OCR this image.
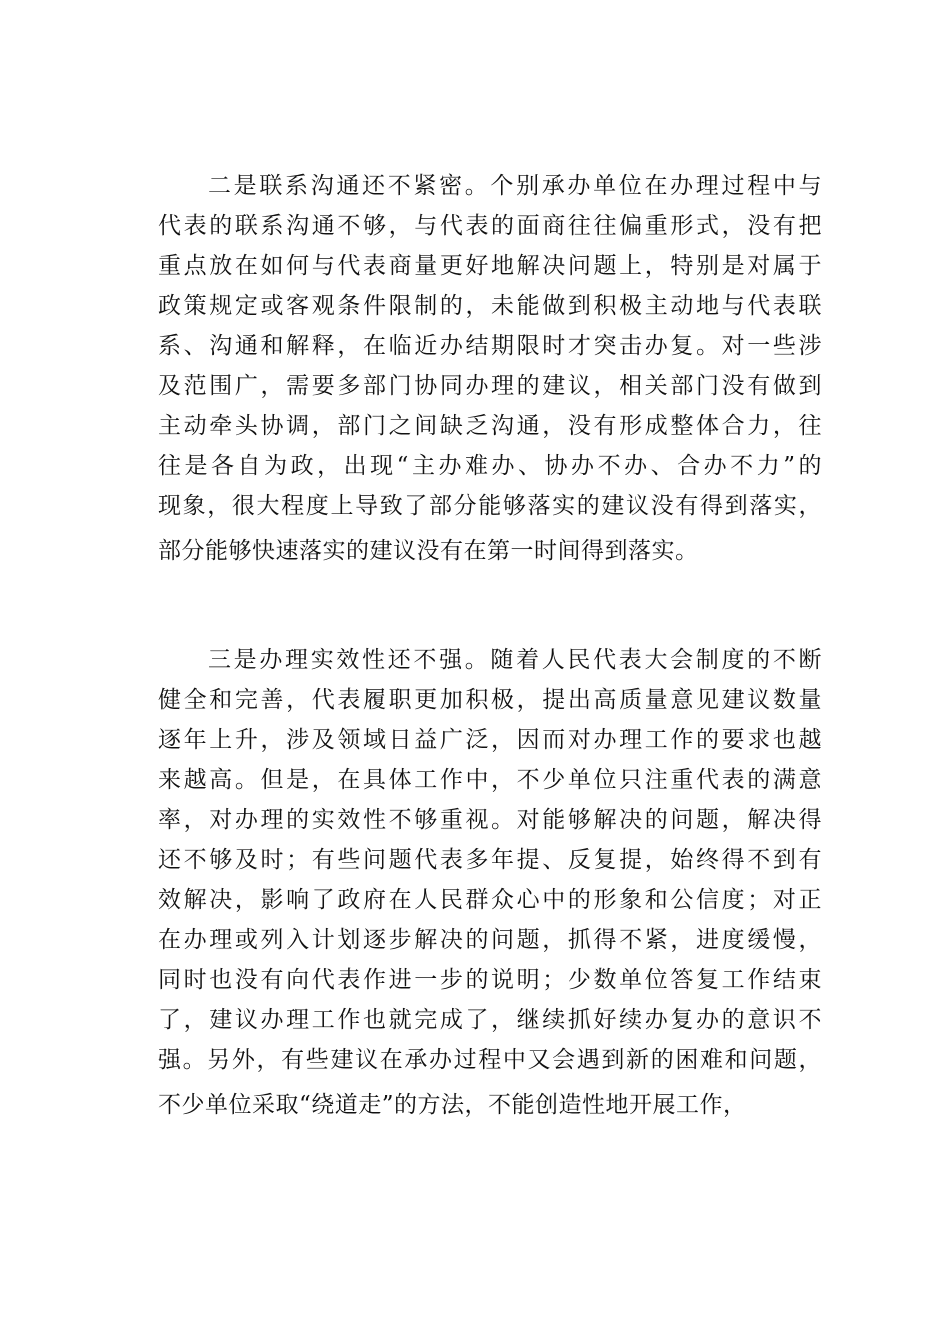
二是联系沟通还不紧密。个别承办单位在办理过程中与
代表的联系沟通不够，与代表的面商往往偏重形式，没有把
重点放在如何与代表商量更好地解决问题上，特别是对属于
政策规定或客观条件限制的，未能做到积极主动地与代表联
系、沟通和解释，在临近办结期限时才突击办复。对一些涉
及范围广，需要多部门协同办理的建议，相关部门没有做到
主动牵头协调，部门之间缺乏沟通，没有形成整体合力，往
往是各自为政，出现“主办难办、协办不办、合办不力”的
现象，很大程度上导致了部分能够落实的建议没有得到落实，
部分能够快速落实的建议没有在第一时间得到落实。
三是办理实效性还不强。随着人民代表大会制度的不断
健全和完善，代表履职更加积极，提出高质量意见建议数量
逐年上升，涉及领域日益广泛，因而对办理工作的要求也越
来越高。但是，在具体工作中，不少单位只注重代表的满意
率，对办理的实效性不够重视。对能够解决的问题，解决得
还不够及时；有些问题代表多年提、反复提，始终得不到有
效解决，影响了政府在人民群众心中的形象和公信度；对正
在办理或列入计划逐步解决的问题，抓得不紧，进度缓慢，
同时也没有向代表作进一步的说明；少数单位答复工作结束
了，建议办理工作也就完成了，继续抓好续办复办的意识不
强。另外，有些建议在承办过程中又会遇到新的困难和问题，
不少单位采取“绕道走”的方法，不能创造性地开展工作，
